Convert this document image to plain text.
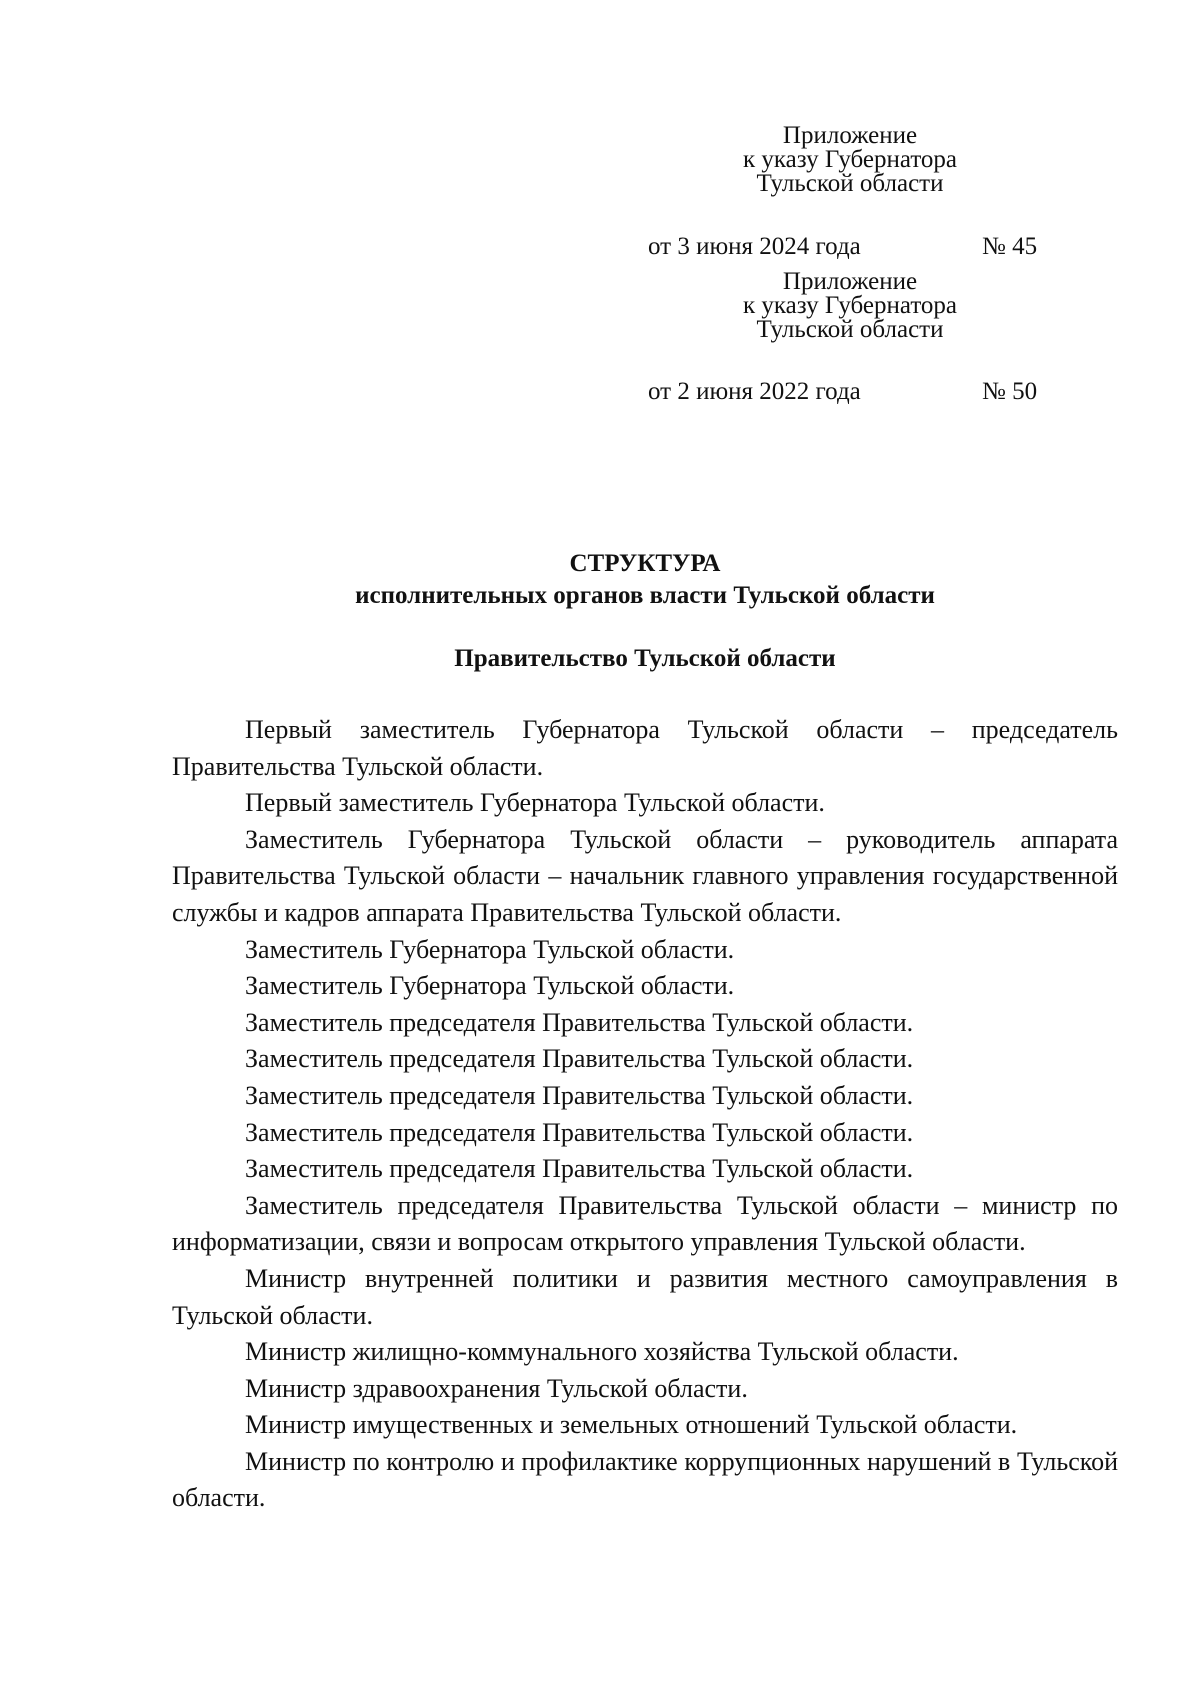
Приложение
к указу Губернатора
Тульской области
от 3 июня 2024 года	№ 45
Приложение
к указу Губернатора
Тульской области
от 2 июня 2022 года	№ 50
СТРУКТУРА
исполнительных органов власти Тульской области
Правительство Тульской области

Первый заместитель Губернатора Тульской области – председатель Правительства Тульской области.

Первый заместитель Губернатора Тульской области.

Заместитель Губернатора Тульской области – руководитель аппарата Правительства Тульской области – начальник главного управления государственной службы и кадров аппарата Правительства Тульской области.

Заместитель Губернатора Тульской области.

Заместитель Губернатора Тульской области.

Заместитель председателя Правительства Тульской области.

Заместитель председателя Правительства Тульской области.

Заместитель председателя Правительства Тульской области.

Заместитель председателя Правительства Тульской области.

Заместитель председателя Правительства Тульской области.

Заместитель председателя Правительства Тульской области – министр по информатизации, связи и вопросам открытого управления Тульской области.

Министр внутренней политики и развития местного самоуправления в Тульской области.

Министр жилищно-коммунального хозяйства Тульской области.

Министр здравоохранения Тульской области.

Министр имущественных и земельных отношений Тульской области.

Министр по контролю и профилактике коррупционных нарушений в Тульской области.
